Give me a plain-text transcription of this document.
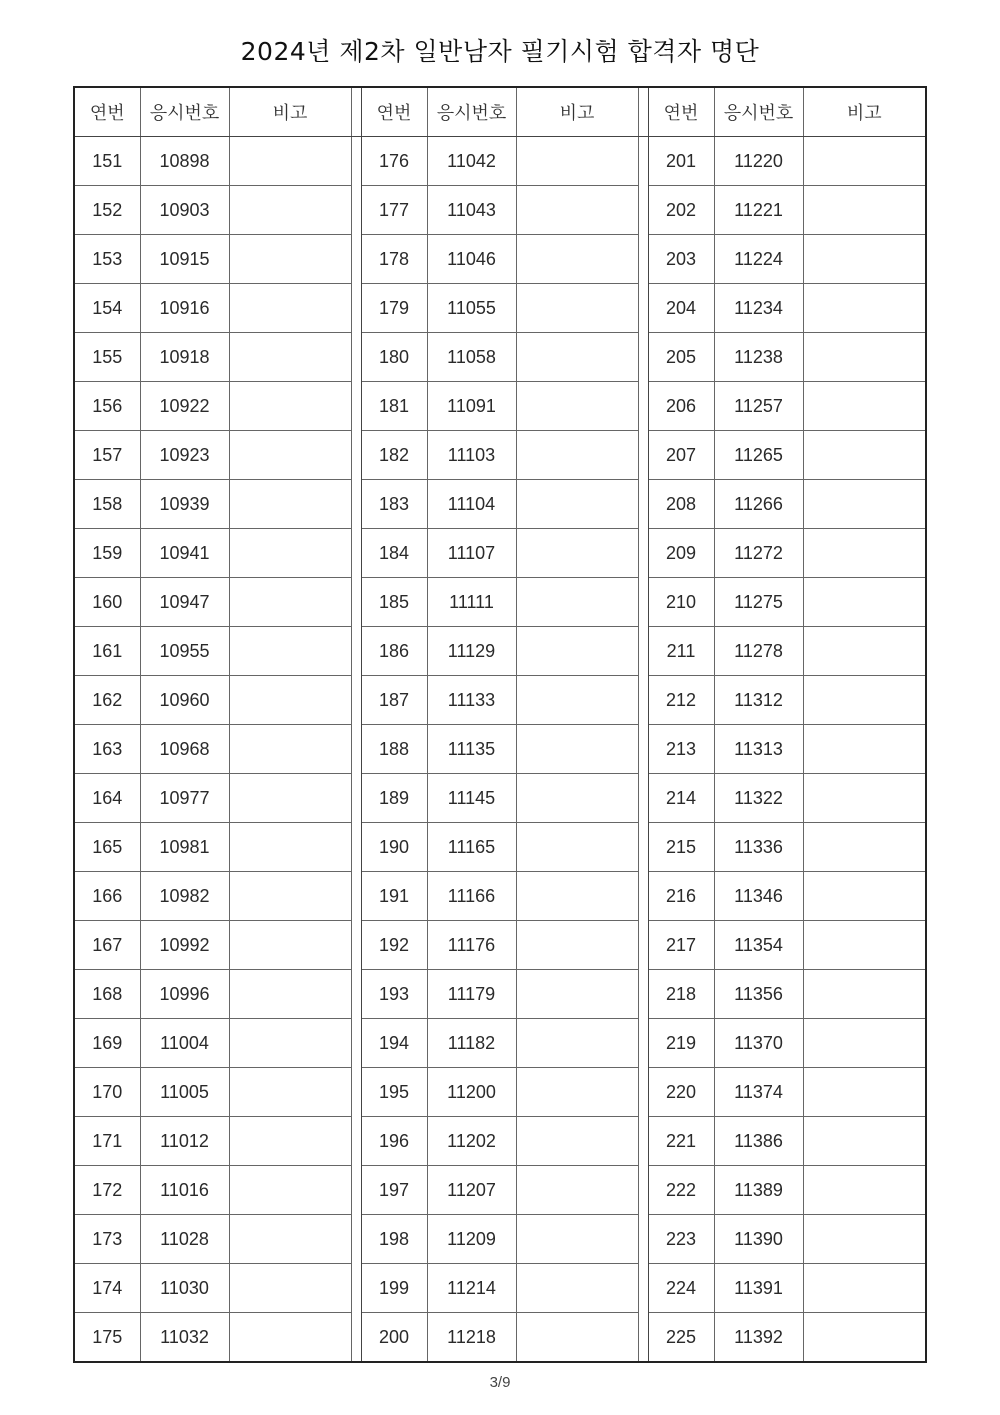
2024년 제2차 일반남자 필기시험 합격자 명단
연번	응시번호	비고		연번	응시번호	비고		연번	응시번호	비고
151	10898			176	11042			201	11220	
152	10903			177	11043			202	11221	
153	10915			178	11046			203	11224	
154	10916			179	11055			204	11234	
155	10918			180	11058			205	11238	
156	10922			181	11091			206	11257	
157	10923			182	11103			207	11265	
158	10939			183	11104			208	11266	
159	10941			184	11107			209	11272	
160	10947			185	11111			210	11275	
161	10955			186	11129			211	11278	
162	10960			187	11133			212	11312	
163	10968			188	11135			213	11313	
164	10977			189	11145			214	11322	
165	10981			190	11165			215	11336	
166	10982			191	11166			216	11346	
167	10992			192	11176			217	11354	
168	10996			193	11179			218	11356	
169	11004			194	11182			219	11370	
170	11005			195	11200			220	11374	
171	11012			196	11202			221	11386	
172	11016			197	11207			222	11389	
173	11028			198	11209			223	11390	
174	11030			199	11214			224	11391	
175	11032			200	11218			225	11392	
3/9
